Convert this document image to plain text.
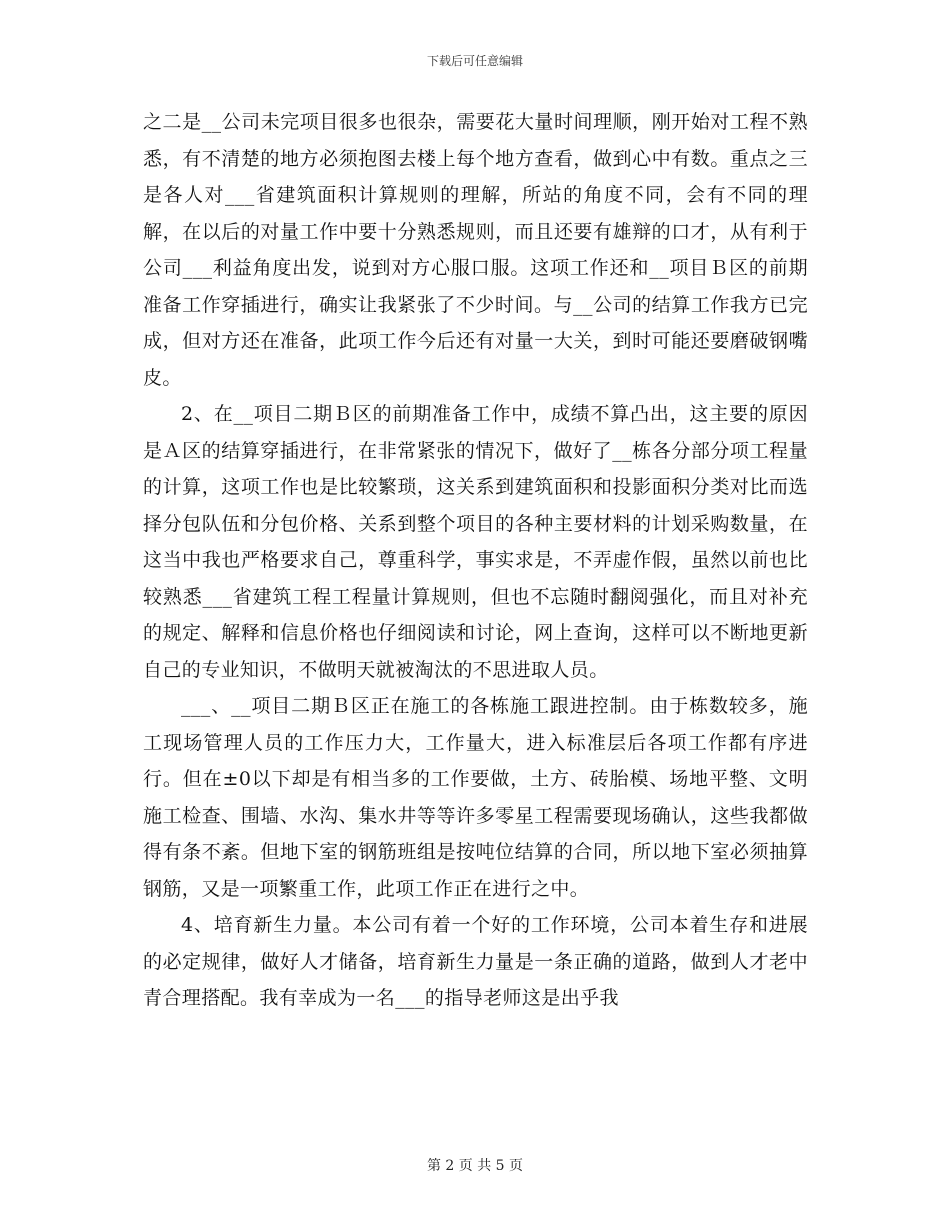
下载后可任意编辑

之二是__公司未完项目很多也很杂，需要花大量时间理顺，刚开始对工程不熟悉，有不清楚的地方必须抱图去楼上每个地方查看，做到心中有数。重点之三是各人对___省建筑面积计算规则的理解，所站的角度不同，会有不同的理解，在以后的对量工作中要十分熟悉规则，而且还要有雄辩的口才，从有利于公司___利益角度出发，说到对方心服口服。这项工作还和__项目Ｂ区的前期准备工作穿插进行，确实让我紧张了不少时间。与__公司的结算工作我方已完成，但对方还在准备，此项工作今后还有对量一大关，到时可能还要磨破钢嘴皮。

2、在__项目二期Ｂ区的前期准备工作中，成绩不算凸出，这主要的原因是Ａ区的结算穿插进行，在非常紧张的情况下，做好了__栋各分部分项工程量的计算，这项工作也是比较繁琐，这关系到建筑面积和投影面积分类对比而选择分包队伍和分包价格、关系到整个项目的各种主要材料的计划采购数量，在这当中我也严格要求自己，尊重科学，事实求是，不弄虚作假，虽然以前也比较熟悉___省建筑工程工程量计算规则，但也不忘随时翻阅强化，而且对补充的规定、解释和信息价格也仔细阅读和讨论，网上查询，这样可以不断地更新自己的专业知识，不做明天就被淘汰的不思进取人员。

___、__项目二期Ｂ区正在施工的各栋施工跟进控制。由于栋数较多，施工现场管理人员的工作压力大，工作量大，进入标准层后各项工作都有序进行。但在±0以下却是有相当多的工作要做，土方、砖胎模、场地平整、文明施工检查、围墙、水沟、集水井等等许多零星工程需要现场确认，这些我都做得有条不紊。但地下室的钢筋班组是按吨位结算的合同，所以地下室必须抽算钢筋，又是一项繁重工作，此项工作正在进行之中。

4、培育新生力量。本公司有着一个好的工作环境，公司本着生存和进展的必定规律，做好人才储备，培育新生力量是一条正确的道路，做到人才老中青合理搭配。我有幸成为一名___的指导老师这是出乎我

第 2 页 共 5 页
